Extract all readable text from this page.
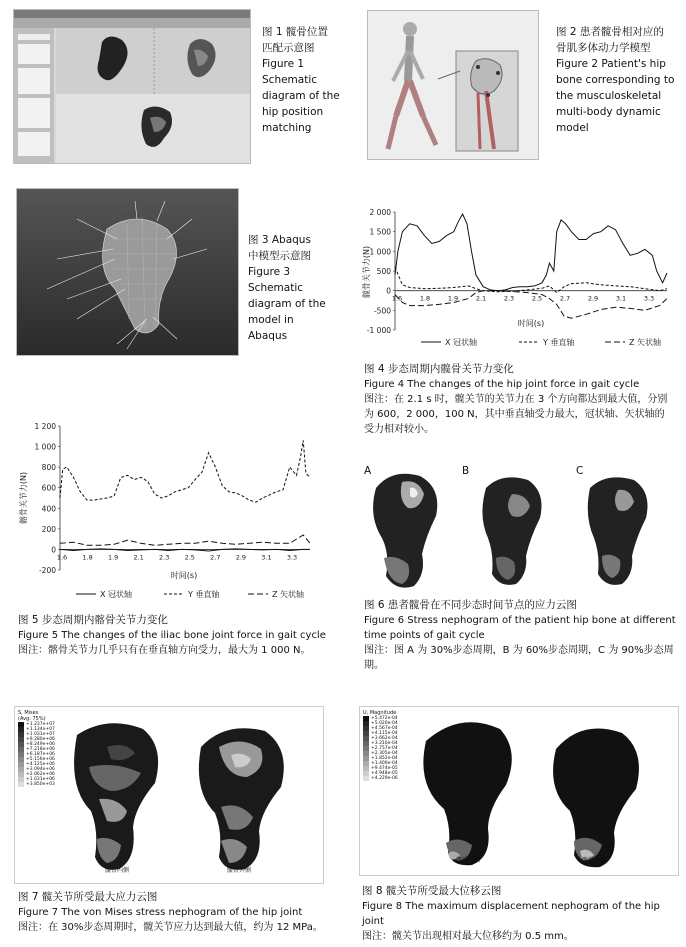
图 1 髋骨位置
匹配示意图
Figure 1
Schematic
diagram of the
hip position
matching
图 2 患者髋骨相对应的
骨肌多体动力学模型
Figure 2 Patient's hip
bone corresponding to
the musculoskeletal
multi-body dynamic
model
图 3 Abaqus
中模型示意图
Figure 3
Schematic
diagram of the
model in
Abaqus
2 000
1 500
1 000
500
0
-500
-1 000
1.6	1.8	1.9	2.1	2.3	2.5	2.7	2.9	3.1	3.3
髋骨关节力(N)
时间(s)
X 冠状轴	Y 垂直轴	Z 矢状轴
图 4 步态周期内髋骨关节力变化
Figure 4 The changes of the hip joint force in gait cycle
图注：在 2.1 s 时，髋关节的关节力在 3 个方向都达到最大值，分别
为 600，2 000，100 N，其中垂直轴受力最大，冠状轴、矢状轴的
受力相对较小。
1 200
1 000
800
600
400
200
0
-200
1.6 1.8 1.9 2.1 2.3 2.5 2.7 2.9 3.1 3.3
髂骨关节力(N)
时间(s)
X 冠状轴	Y 垂直轴	Z 矢状轴
图 5 步态周期内髂骨关节力变化
Figure 5 The changes of the iliac bone joint force in gait cycle
图注：髂骨关节力几乎只有在垂直轴方向受力，最大为 1 000 N。
A	B	C
图 6 患者髋骨在不同步态时间节点的应力云图
Figure 6 Stress nephogram of the patient hip bone at different
time points of gait cycle
图注：图 A 为 30%步态周期，B 为 60%步态周期，C 为 90%步态周
期。
S, Mises
(Avg: 75%)
+1.237e+07
+1.134e+07
+1.031e+07
+9.280e+06
+8.249e+06
+7.218e+06
+6.187e+06
+5.156e+06
+4.125e+06
+3.094e+06
+2.062e+06
+1.031e+06
+3.850e+03
髋骨内侧	髋骨外侧
图 7 髋关节所受最大应力云图
Figure 7 The von Mises stress nephogram of the hip joint
图注：在 30%步态周期时，髋关节应力达到最大值，约为 12 MPa。
U, Magnitude
+5.472e-04
+5.020e-04
+4.567e-04
+4.115e-04
+3.662e-04
+3.210e-04
+2.757e-04
+2.305e-04
+1.852e-04
+1.400e-04
+9.474e-05
+4.948e-05
+4.229e-06
髋骨内侧	髋骨外侧
图 8 髋关节所受最大位移云图
Figure 8 The maximum displacement nephogram of the hip joint
图注：髋关节出现相对最大位移约为 0.5 mm。
